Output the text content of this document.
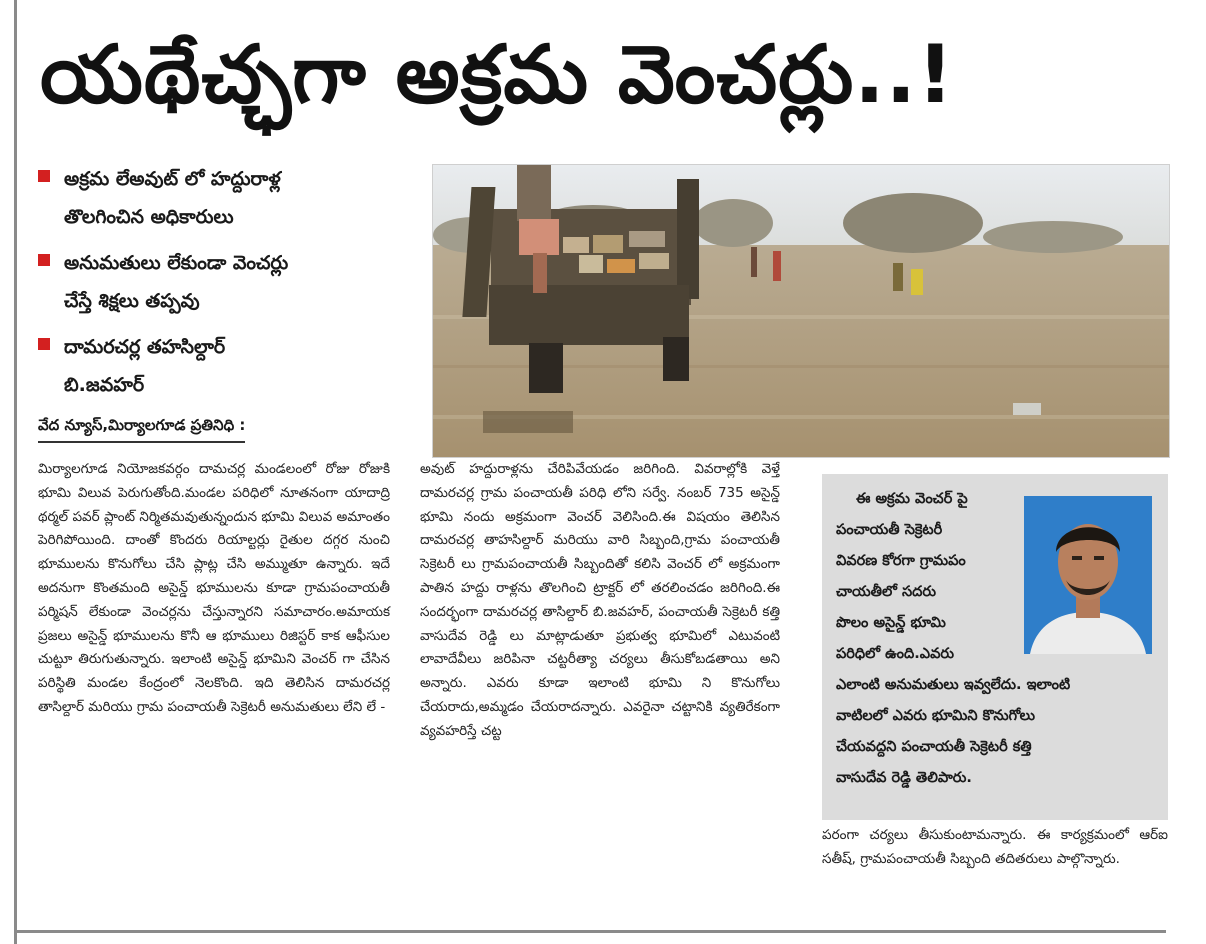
యథేచ్ఛగా అక్రమ వెంచర్లు..!
అక్రమ లేఅవుట్ లో హద్దురాళ్ల
తొలగించిన అధికారులు
అనుమతులు లేకుండా వెంచర్లు
చేస్తే శిక్షలు తప్పవు
దామరచర్ల తహసిల్దార్
బి.జవహర్
వేద న్యూస్,మిర్యాలగూడ ప్రతినిధి :
మిర్యాలగూడ నియోజకవర్గం దామచర్ల మండలంలో రోజు రోజుకి భూమి విలువ పెరుగుతోంది.మండల పరిధిలో నూతనంగా యాదాద్రి థర్మల్ పవర్ ప్లాంట్ నిర్మితమవుతున్నందున భూమి విలువ అమాంతం పెరిగిపోయింది. దాంతో కొందరు రియాల్టర్లు రైతుల దగ్గర నుంచి భూములను కొనుగోలు చేసి ప్లాట్ల చేసి అమ్ముతూ ఉన్నారు. ఇదే అదనుగా కొంతమంది అసైన్డ్ భూములను కూడా గ్రామపంచాయతీ పర్మిషన్ లేకుండా వెంచర్లను చేస్తున్నారని సమాచారం.అమాయక ప్రజలు అసైన్డ్ భూములను కొనీ ఆ భూములు రిజిస్టర్ కాక ఆఫీసుల చుట్టూ తిరుగుతున్నారు. ఇలాంటి అసైన్డ్ భూమిని వెంచర్ గా చేసిన పరిస్థితి మండల కేంద్రంలో నెలకొంది. ఇది తెలిసిన దామరచర్ల తాసిల్దార్ మరియు గ్రామ పంచాయతీ సెక్రెటరీ అనుమతులు లేని లే -
అవుట్ హద్దురాళ్లను చేరిపివేయడం జరిగింది. వివరాల్లోకి వెళ్తే దామరచర్ల గ్రామ పంచాయతీ పరిధి లోని సర్వే. నంబర్ 735 అసైన్డ్ భూమి నందు అక్రమంగా వెంచర్ వెలిసింది.ఈ విషయం తెలిసిన దామరచర్ల తాహసిల్దార్ మరియు వారి సిబ్బంది,గ్రామ పంచాయతీ సెక్రెటరీ లు గ్రామపంచాయతీ సిబ్బందితో కలిసి వెంచర్ లో అక్రమంగా పాతిన హద్దు రాళ్లను తొలగించి ట్రాక్టర్ లో తరలించడం జరిగింది.ఈ సందర్భంగా దామరచర్ల తాసిల్దార్ బి.జవహర్, పంచాయతీ సెక్రెటరీ కత్తి వాసుదేవ రెడ్డి లు మాట్లాడుతూ ప్రభుత్వ భూమిలో ఎటువంటి లావాదేవీలు జరిపినా చట్టరీత్యా చర్యలు తీసుకోబడతాయి అని అన్నారు. ఎవరు కూడా ఇలాంటి భూమి ని కొనుగోలు చేయరాదు,అమ్మడం చేయరాదన్నారు. ఎవరైనా చట్టానికి వ్యతిరేకంగా వ్యవహరిస్తే చట్ట
ఈ అక్రమ వెంచర్ పై
పంచాయతీ సెక్రెటరీ
వివరణ కోరగా గ్రామపం
చాయతీలో సదరు
పొలం అసైన్డ్ భూమి
పరిధిలో ఉంది.ఎవరు
ఎలాంటి అనుమతులు ఇవ్వలేదు. ఇలాంటి
వాటిలలో ఎవరు భూమిని కొనుగోలు
చేయవద్దని పంచాయతీ సెక్రెటరీ కత్తి
వాసుదేవ రెడ్డి తెలిపారు.
పరంగా చర్యలు తీసుకుంటామన్నారు. ఈ కార్యక్రమంలో ఆర్ఐ సతీష్, గ్రామపంచాయతీ సిబ్బంది తదితరులు పాల్గొన్నారు.
